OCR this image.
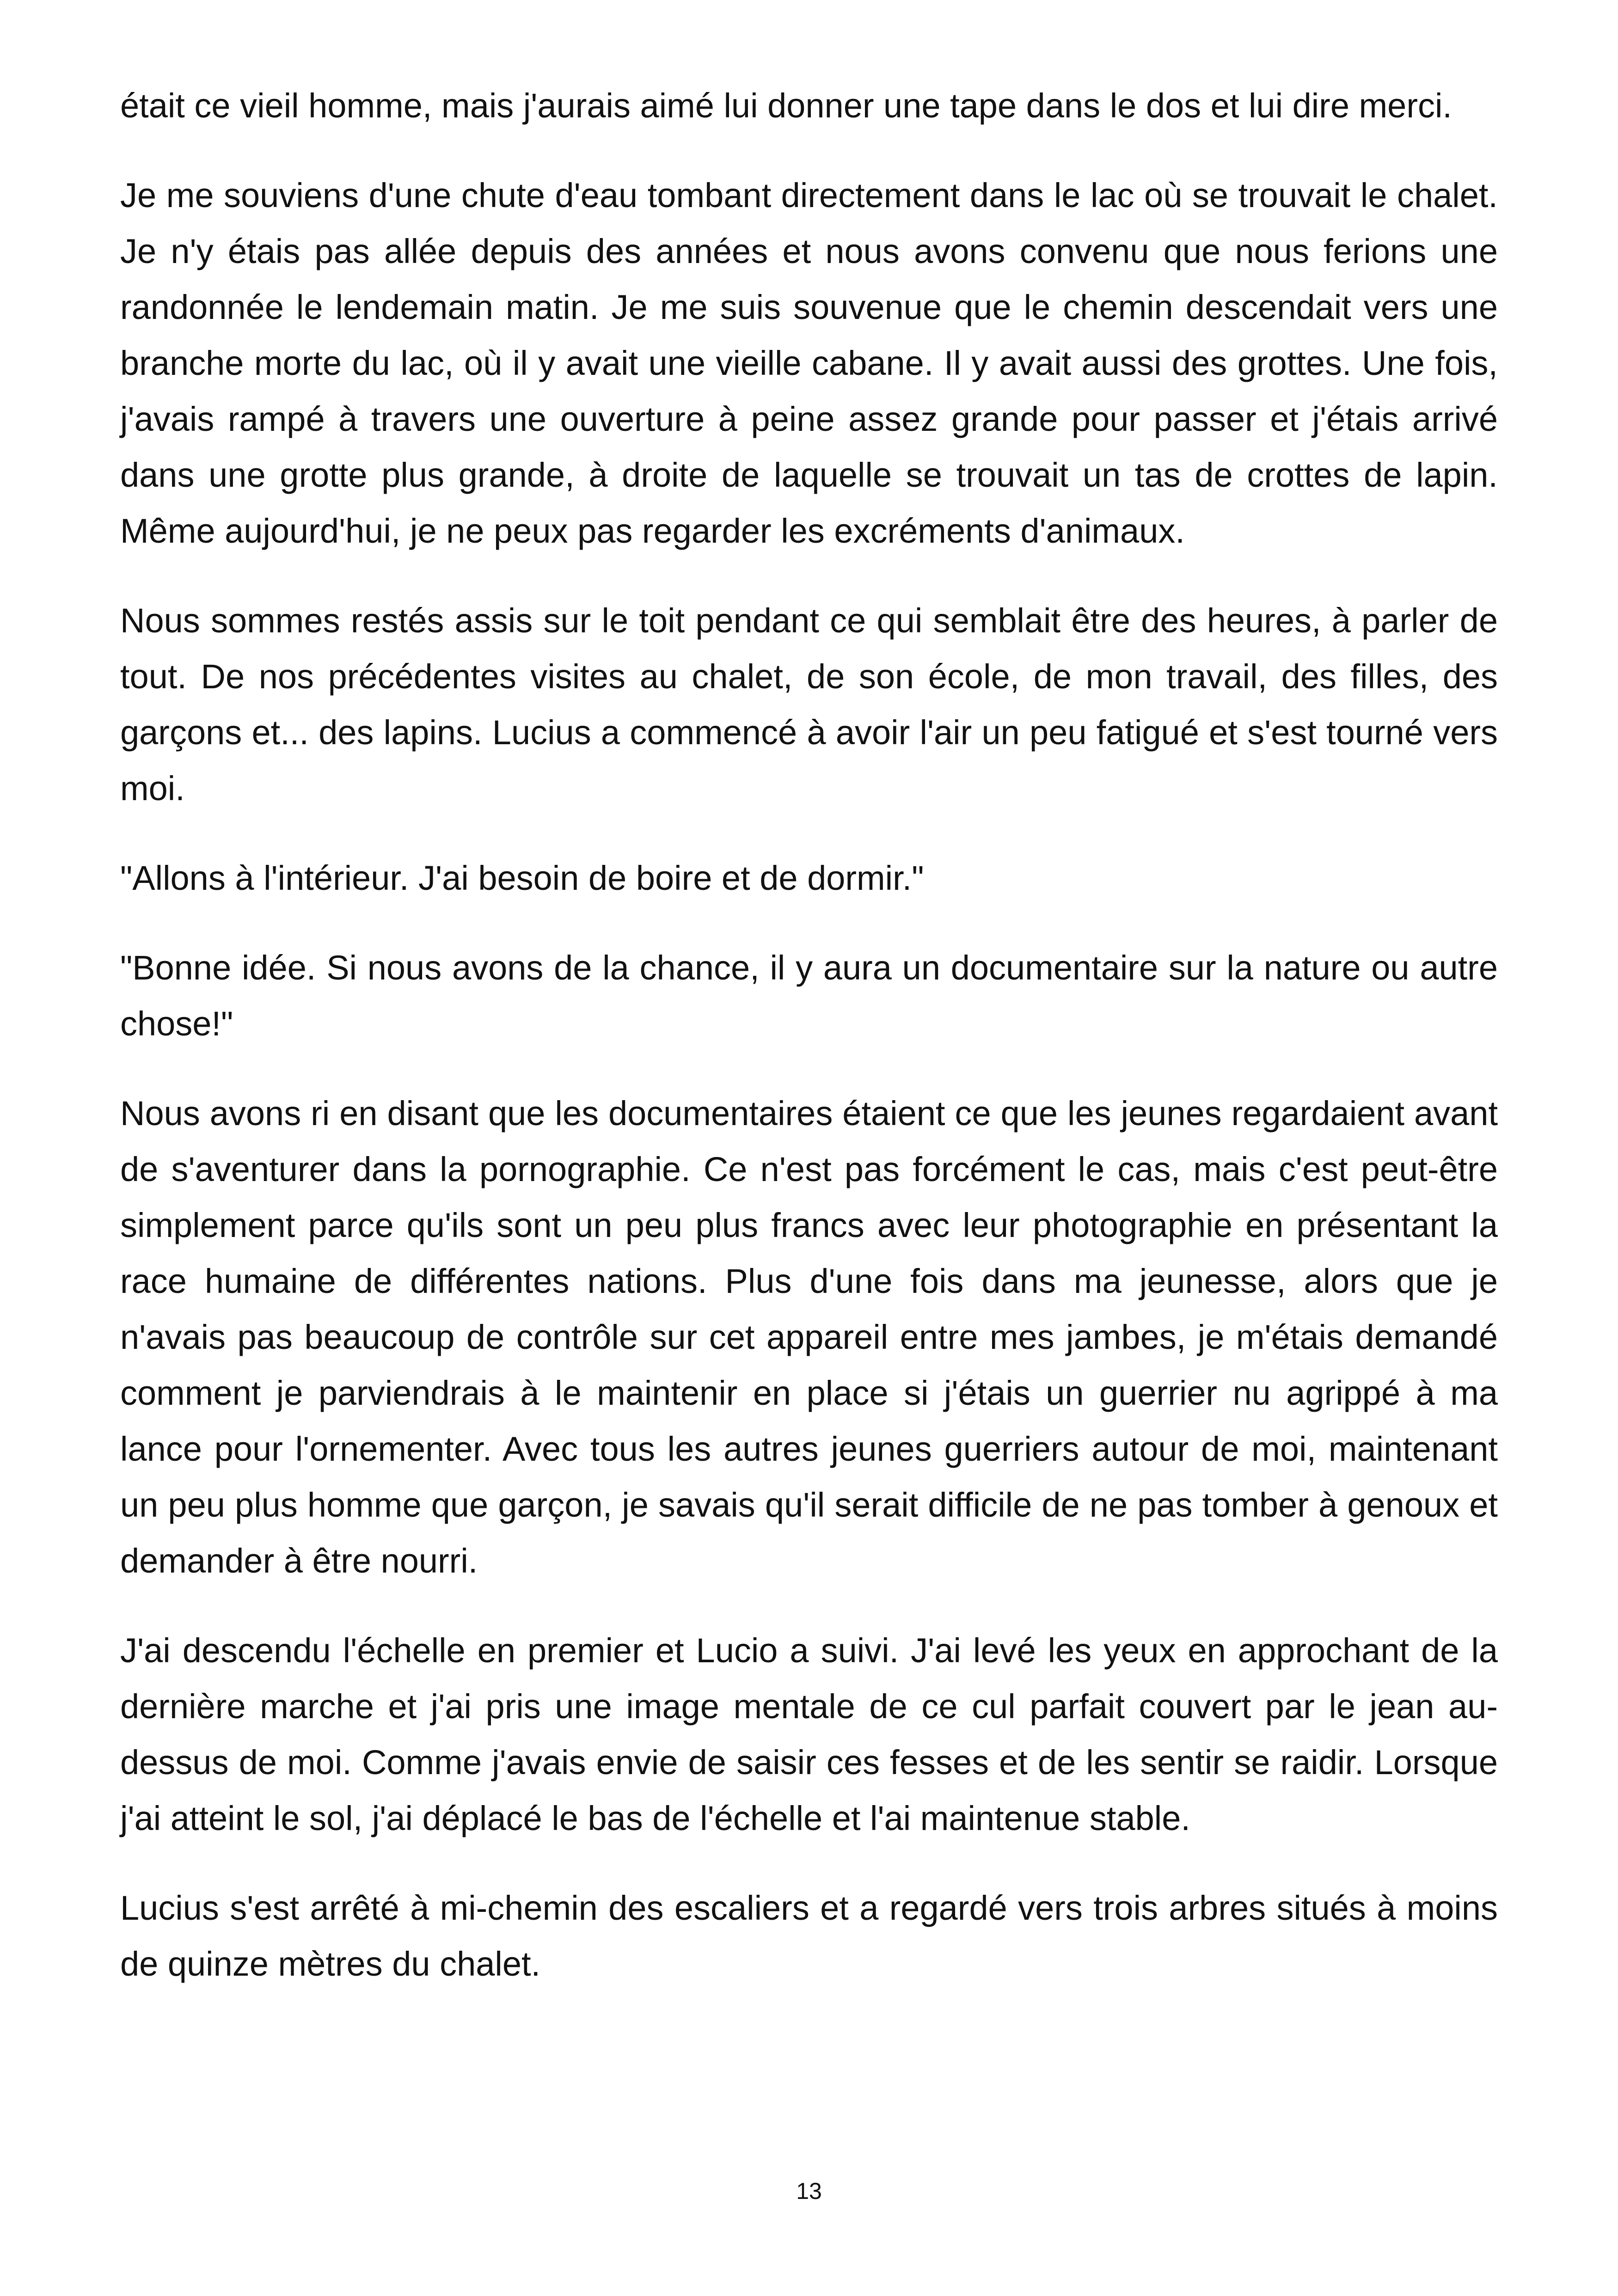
était ce vieil homme, mais j'aurais aimé lui donner une tape dans le dos et lui dire merci.

Je me souviens d'une chute d'eau tombant directement dans le lac où se trouvait le chalet. Je n'y étais pas allée depuis des années et nous avons convenu que nous ferions une randonnée le lendemain matin. Je me suis souvenue que le chemin descendait vers une branche morte du lac, où il y avait une vieille cabane. Il y avait aussi des grottes. Une fois, j'avais rampé à travers une ouverture à peine assez grande pour passer et j'étais arrivé dans une grotte plus grande, à droite de laquelle se trouvait un tas de crottes de lapin. Même aujourd'hui, je ne peux pas regarder les excréments d'animaux.

Nous sommes restés assis sur le toit pendant ce qui semblait être des heures, à parler de tout. De nos précédentes visites au chalet, de son école, de mon travail, des filles, des garçons et... des lapins. Lucius a commencé à avoir l'air un peu fatigué et s'est tourné vers moi.

"Allons à l'intérieur. J'ai besoin de boire et de dormir."

"Bonne idée. Si nous avons de la chance, il y aura un documentaire sur la nature ou autre chose!"

Nous avons ri en disant que les documentaires étaient ce que les jeunes regardaient avant de s'aventurer dans la pornographie. Ce n'est pas forcément le cas, mais c'est peut-être simplement parce qu'ils sont un peu plus francs avec leur photographie en présentant la race humaine de différentes nations. Plus d'une fois dans ma jeunesse, alors que je n'avais pas beaucoup de contrôle sur cet appareil entre mes jambes, je m'étais demandé comment je parviendrais à le maintenir en place si j'étais un guerrier nu agrippé à ma lance pour l'ornementer. Avec tous les autres jeunes guerriers autour de moi, maintenant un peu plus homme que garçon, je savais qu'il serait difficile de ne pas tomber à genoux et demander à être nourri.

J'ai descendu l'échelle en premier et Lucio a suivi. J'ai levé les yeux en approchant de la dernière marche et j'ai pris une image mentale de ce cul parfait couvert par le jean au-dessus de moi. Comme j'avais envie de saisir ces fesses et de les sentir se raidir. Lorsque j'ai atteint le sol, j'ai déplacé le bas de l'échelle et l'ai maintenue stable.

Lucius s'est arrêté à mi-chemin des escaliers et a regardé vers trois arbres situés à moins de quinze mètres du chalet.

13
